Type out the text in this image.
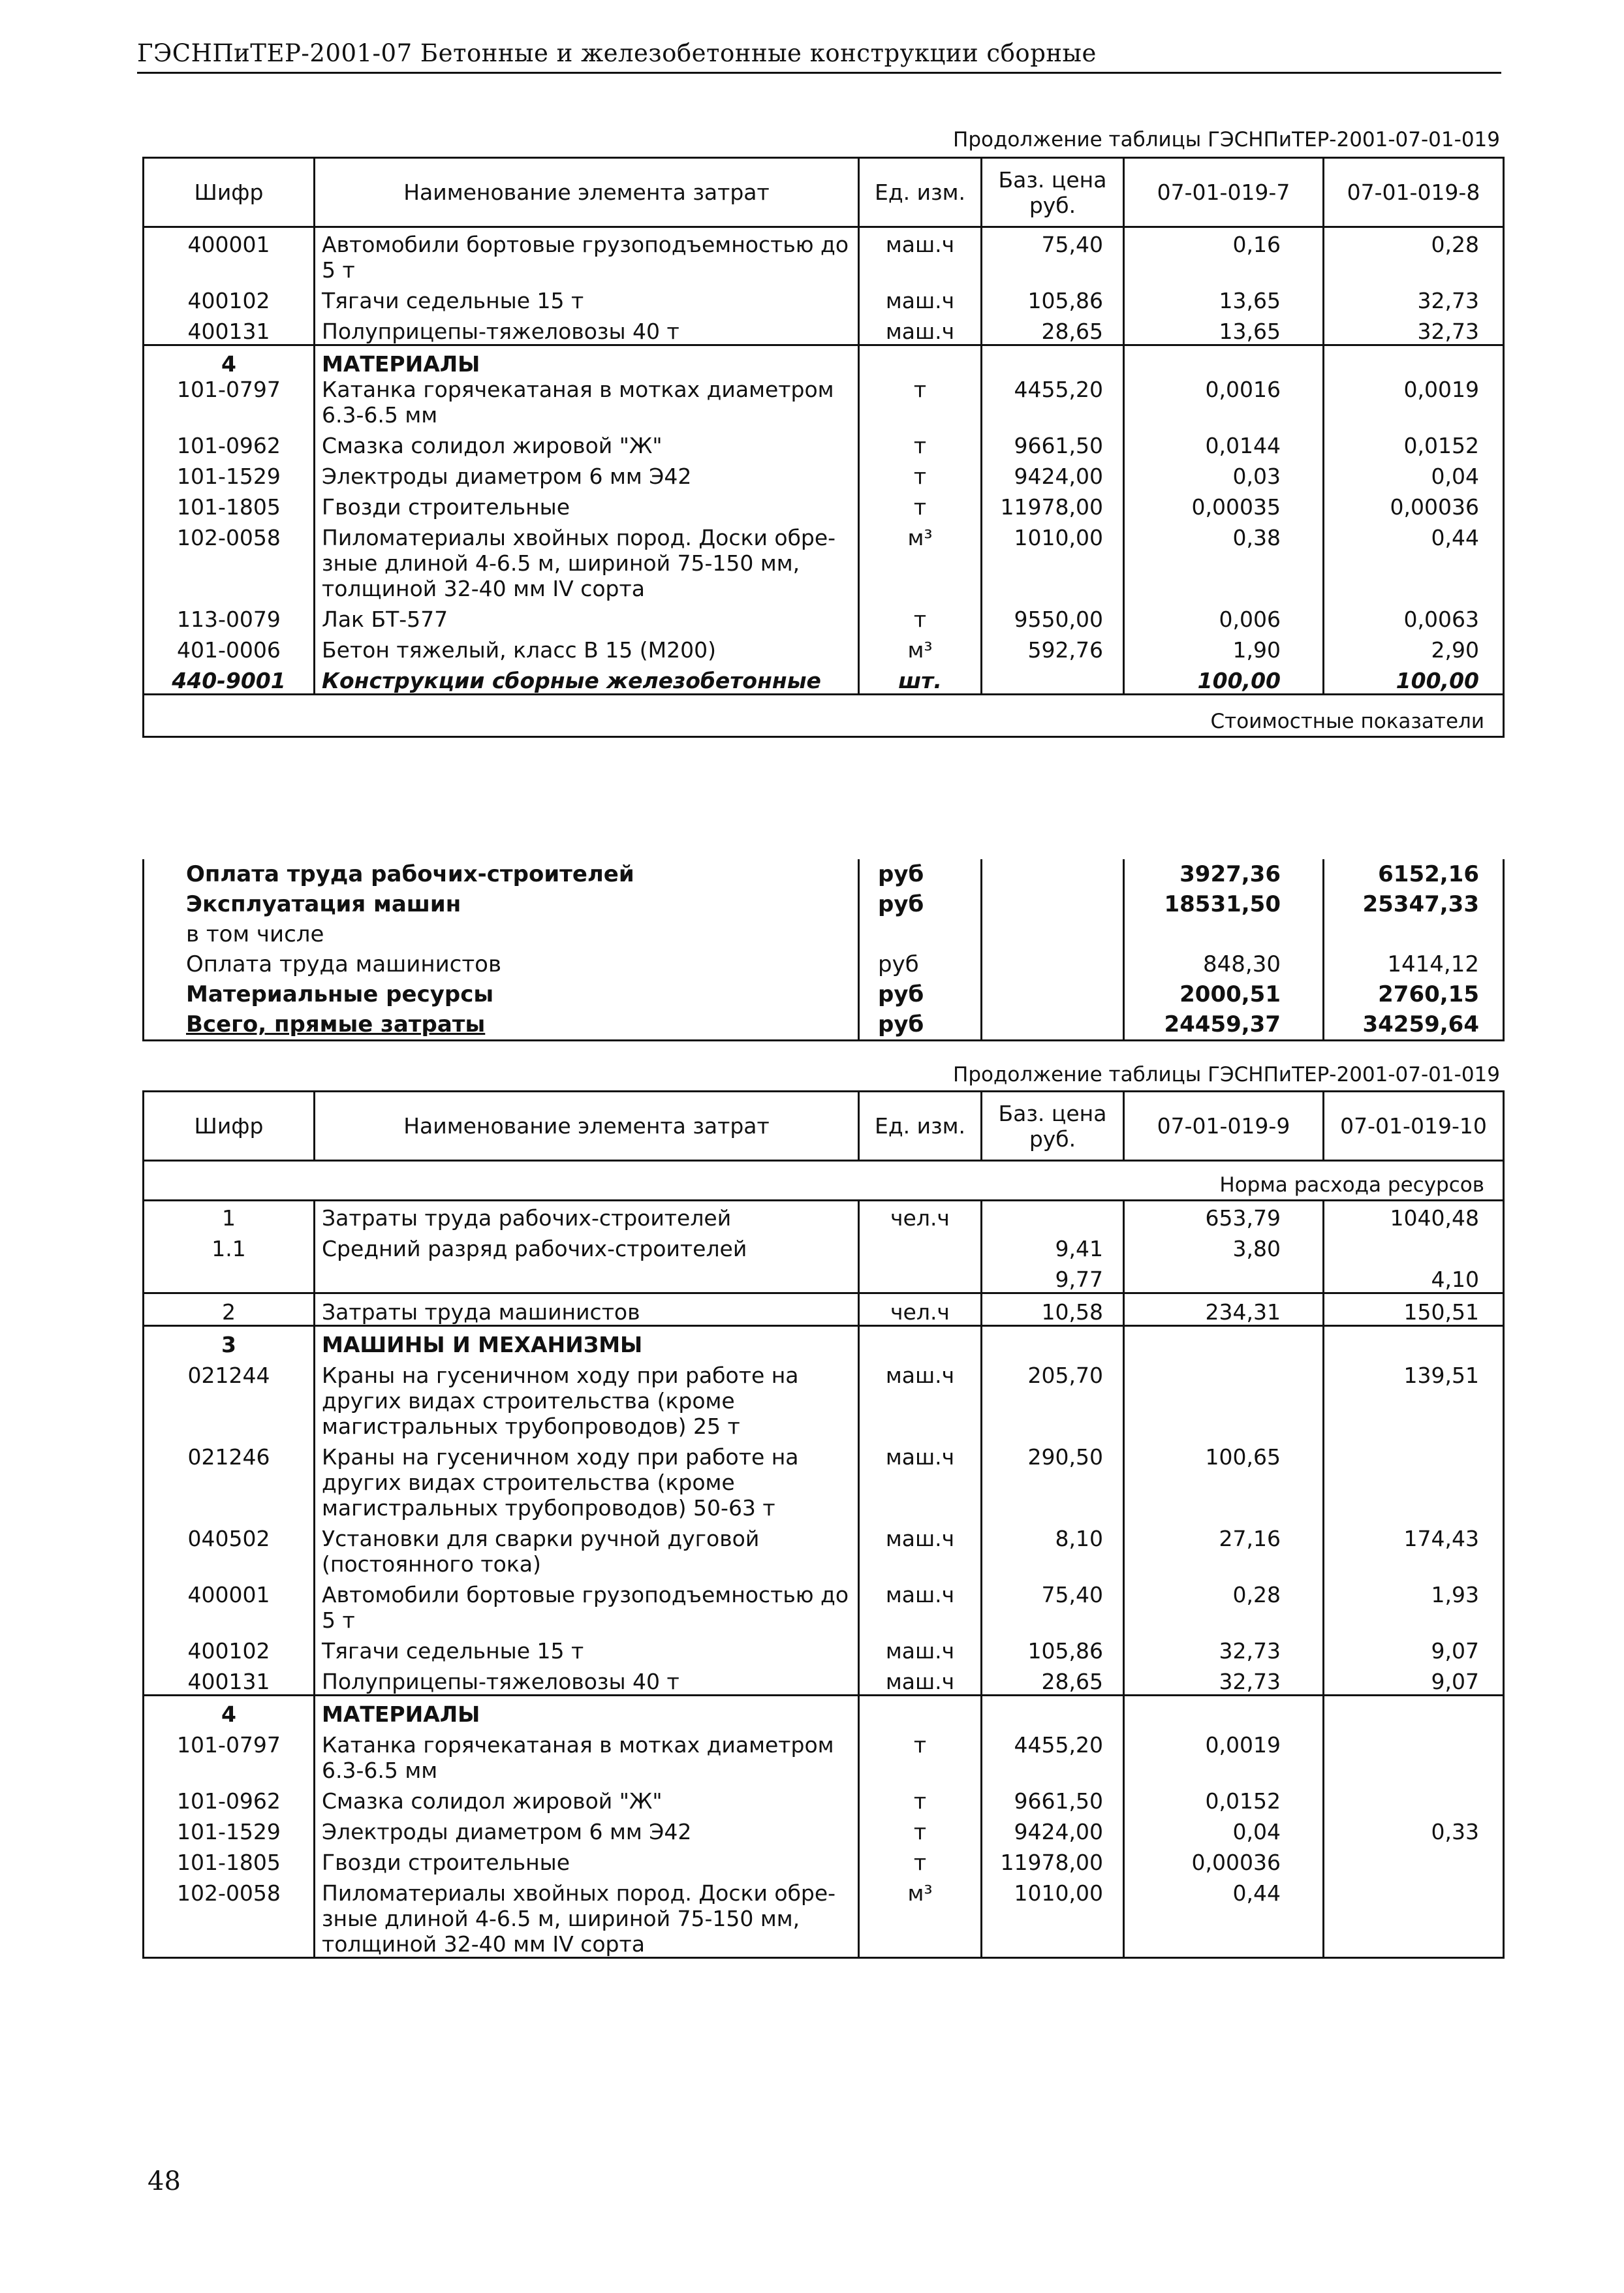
ГЭСНПиТЕР-2001-07 Бетонные и железобетонные конструкции сборные
Продолжение таблицы ГЭСНПиТЕР-2001-07-01-019
Шифр	Наименование элемента затрат	Ед. изм.	Баз. цена руб.	07-01-019-7	07-01-019-8
400001	Автомобили бортовые грузоподъемностью до 5 т	маш.ч	75,40	0,16	0,28
400102	Тягачи седельные 15 т	маш.ч	105,86	13,65	32,73
400131	Полуприцепы-тяжеловозы 40 т	маш.ч	28,65	13,65	32,73
4	МАТЕРИАЛЫ				
101-0797	Катанка горячекатаная в мотках диаметром 6.3-6.5 мм	т	4455,20	0,0016	0,0019
101-0962	Смазка солидол жировой "Ж"	т	9661,50	0,0144	0,0152
101-1529	Электроды диаметром 6 мм Э42	т	9424,00	0,03	0,04
101-1805	Гвозди строительные	т	11978,00	0,00035	0,00036
102-0058	Пиломатериалы хвойных пород. Доски обре-зные длиной 4-6.5 м, шириной 75-150 мм, толщиной 32-40 мм IV сорта	м³	1010,00	0,38	0,44
113-0079	Лак БТ-577	т	9550,00	0,006	0,0063
401-0006	Бетон тяжелый, класс В 15 (М200)	м³	592,76	1,90	2,90
440-9001	Конструкции сборные железобетонные	шт.		100,00	100,00
Стоимостные показатели					
Оплата труда рабочих-строителей	руб		3927,36	6152,16
Эксплуатация машин	руб		18531,50	25347,33
в том числе				
Оплата труда машинистов	руб		848,30	1414,12
Материальные ресурсы	руб		2000,51	2760,15
Всего, прямые затраты	руб		24459,37	34259,64
Продолжение таблицы ГЭСНПиТЕР-2001-07-01-019
Шифр	Наименование элемента затрат	Ед. изм.	Баз. цена руб.	07-01-019-9	07-01-019-10
Норма расхода ресурсов					
1	Затраты труда рабочих-строителей	чел.ч		653,79	1040,48
1.1	Средний разряд рабочих-строителей		9,41	3,80	
			9,77		4,10
2	Затраты труда машинистов	чел.ч	10,58	234,31	150,51
3	МАШИНЫ И МЕХАНИЗМЫ				
021244	Краны на гусеничном ходу при работе на других видах строительства (кроме магистральных трубопроводов) 25 т	маш.ч	205,70		139,51
021246	Краны на гусеничном ходу при работе на других видах строительства (кроме магистральных трубопроводов) 50-63 т	маш.ч	290,50	100,65	
040502	Установки для сварки ручной дуговой (постоянного тока)	маш.ч	8,10	27,16	174,43
400001	Автомобили бортовые грузоподъемностью до 5 т	маш.ч	75,40	0,28	1,93
400102	Тягачи седельные 15 т	маш.ч	105,86	32,73	9,07
400131	Полуприцепы-тяжеловозы 40 т	маш.ч	28,65	32,73	9,07
4	МАТЕРИАЛЫ				
101-0797	Катанка горячекатаная в мотках диаметром 6.3-6.5 мм	т	4455,20	0,0019	
101-0962	Смазка солидол жировой "Ж"	т	9661,50	0,0152	
101-1529	Электроды диаметром 6 мм Э42	т	9424,00	0,04	0,33
101-1805	Гвозди строительные	т	11978,00	0,00036	
102-0058	Пиломатериалы хвойных пород. Доски обре-зные длиной 4-6.5 м, шириной 75-150 мм, толщиной 32-40 мм IV сорта	м³	1010,00	0,44	
48
